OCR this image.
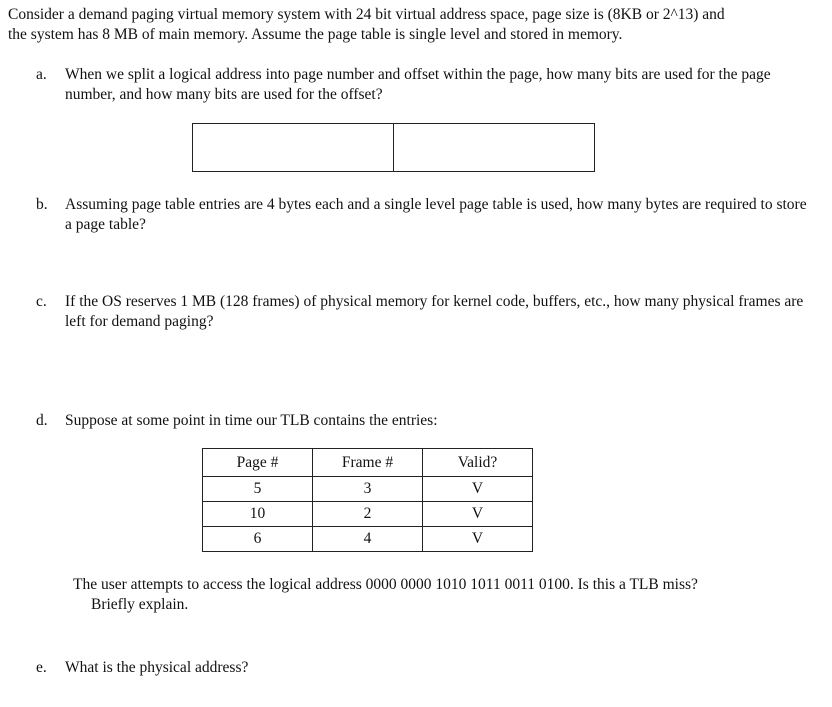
Consider a demand paging virtual memory system with 24 bit virtual address space, page size is (8KB or 2^13) and
the system has 8 MB of main memory. Assume the page table is single level and stored in memory.
a.	When we split a logical address into page number and offset within the page, how many bits are used for the page number, and how many bits are used for the offset?
b.	Assuming page table entries are 4 bytes each and a single level page table is used, how many bytes are required to store a page table?
c.	If the OS reserves 1 MB (128 frames) of physical memory for kernel code, buffers, etc., how many physical frames are left for demand paging?
d.	Suppose at some point in time our TLB contains the entries:
Page #	Frame #	Valid?
5	3	V
10	2	V
6	4	V
The user attempts to access the logical address 0000 0000 1010 1011 0011 0100. Is this a TLB miss?
Briefly explain.
e.	What is the physical address?
